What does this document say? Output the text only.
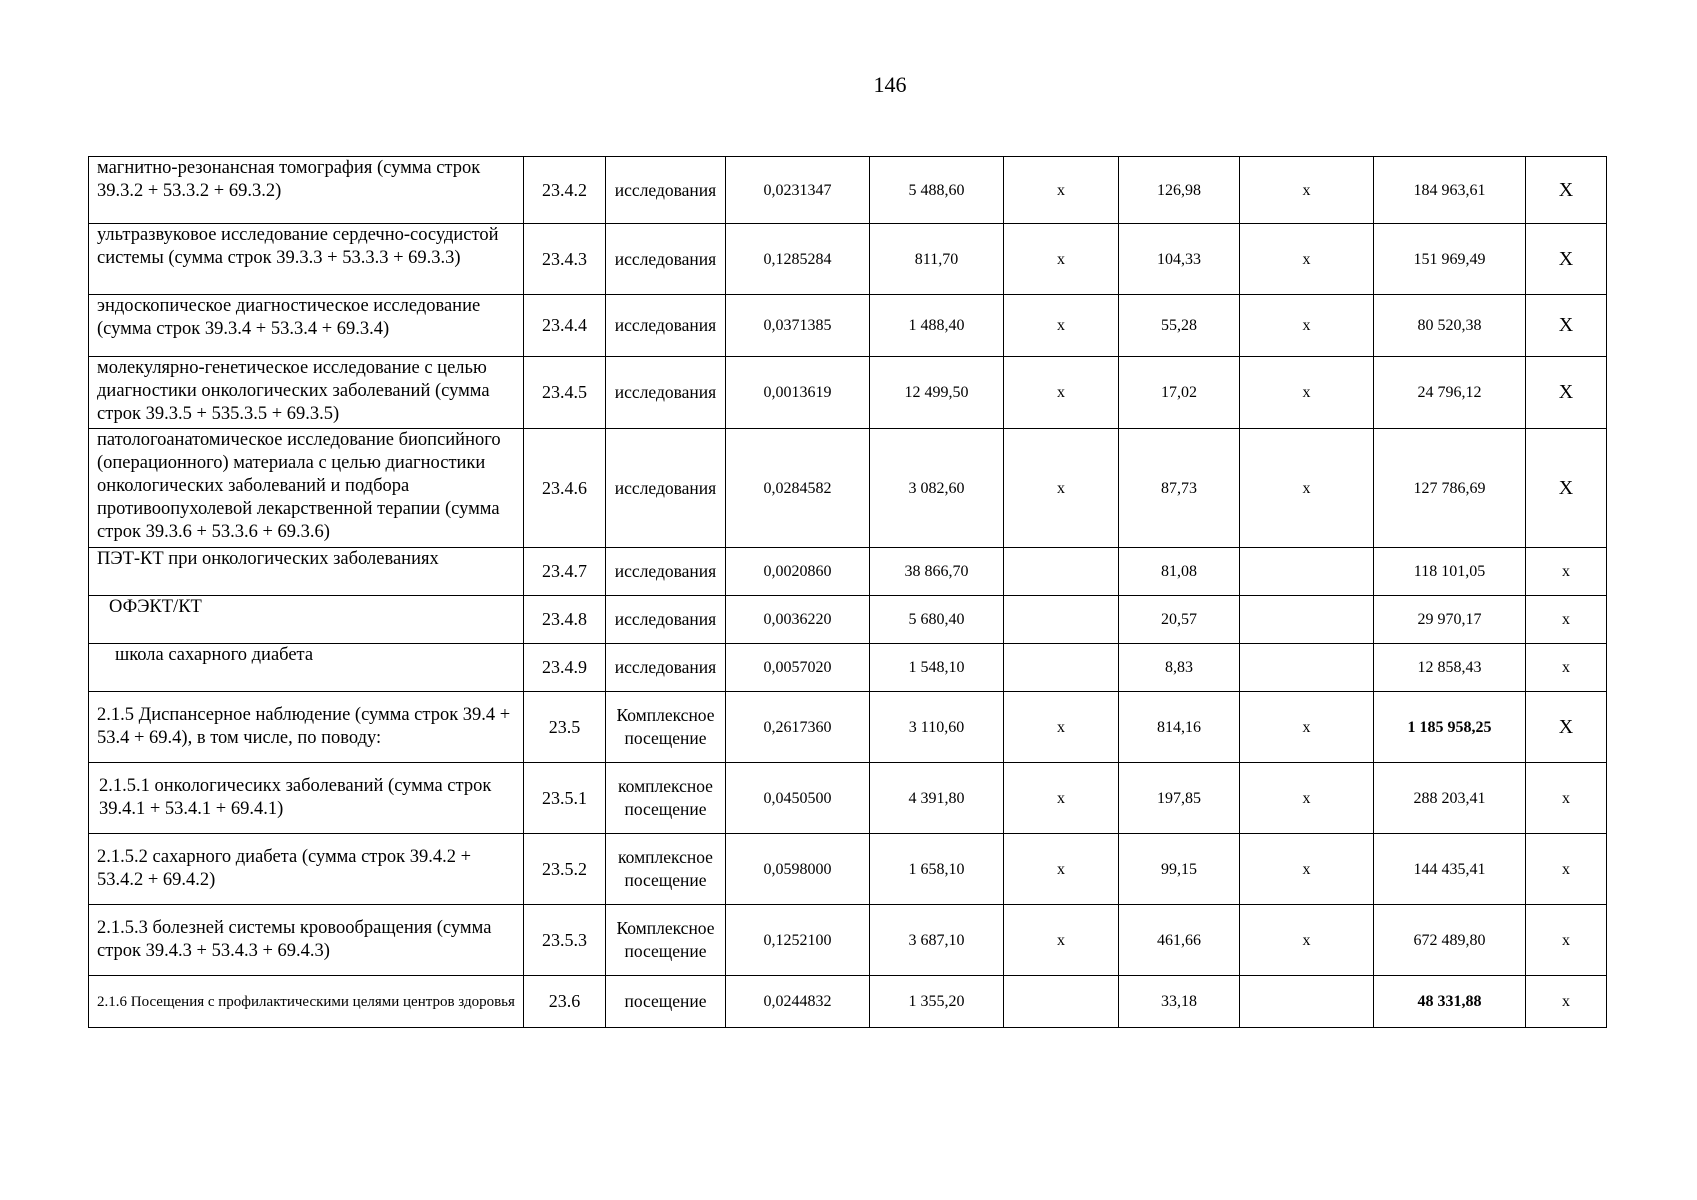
146
магнитно-резонансная томография (сумма строк 39.3.2 + 53.3.2 + 69.3.2)	23.4.2	исследования	0,0231347	5 488,60	х	126,98	х	184 963,61	Х
ультразвуковое исследование сердечно-сосудистой системы (сумма строк 39.3.3 + 53.3.3 + 69.3.3)	23.4.3	исследования	0,1285284	811,70	х	104,33	х	151 969,49	Х
эндоскопическое диагностическое исследование (сумма строк 39.3.4 + 53.3.4 + 69.3.4)	23.4.4	исследования	0,0371385	1 488,40	х	55,28	х	80 520,38	Х
молекулярно-генетическое исследование с целью диагностики онкологических заболеваний (сумма строк 39.3.5 + 535.3.5 + 69.3.5)	23.4.5	исследования	0,0013619	12 499,50	х	17,02	х	24 796,12	Х
патологоанатомическое исследование биопсийного (операционного) материала с целью диагностики онкологических заболеваний и подбора противоопухолевой лекарственной терапии (сумма строк 39.3.6 + 53.3.6 + 69.3.6)	23.4.6	исследования	0,0284582	3 082,60	х	87,73	х	127 786,69	Х
ПЭТ-КТ при онкологических заболеваниях	23.4.7	исследования	0,0020860	38 866,70		81,08		118 101,05	х
ОФЭКТ/КТ	23.4.8	исследования	0,0036220	5 680,40		20,57		29 970,17	х
школа сахарного диабета	23.4.9	исследования	0,0057020	1 548,10		8,83		12 858,43	х
2.1.5 Диспансерное наблюдение (сумма строк 39.4 + 53.4 + 69.4), в том числе, по поводу:	23.5	Комплексное посещение	0,2617360	3 110,60	х	814,16	х	1 185 958,25	Х
2.1.5.1 онкологичесикх заболеваний (сумма строк 39.4.1 + 53.4.1 + 69.4.1)	23.5.1	комплексное посещение	0,0450500	4 391,80	х	197,85	х	288 203,41	х
2.1.5.2 сахарного диабета (сумма строк 39.4.2 + 53.4.2 + 69.4.2)	23.5.2	комплексное посещение	0,0598000	1 658,10	х	99,15	х	144 435,41	х
2.1.5.3 болезней системы кровообращения (сумма строк 39.4.3 + 53.4.3 + 69.4.3)	23.5.3	Комплексное посещение	0,1252100	3 687,10	х	461,66	х	672 489,80	х
2.1.6 Посещения с профилактическими целями центров здоровья	23.6	посещение	0,0244832	1 355,20		33,18		48 331,88	х
